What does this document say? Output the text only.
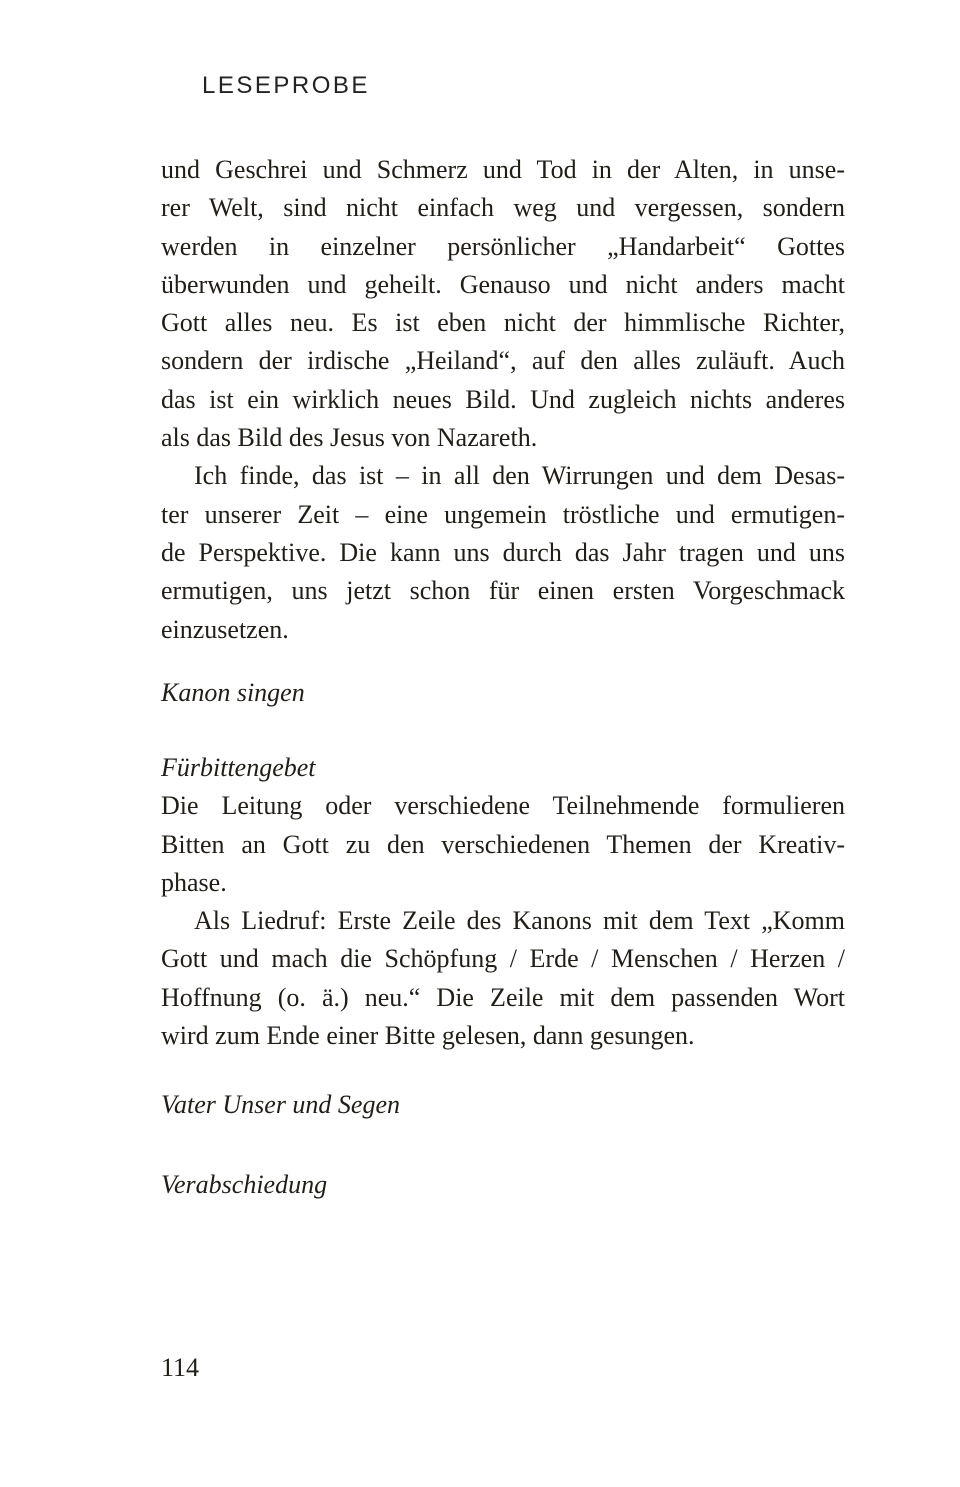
LESEPROBE
und Geschrei und Schmerz und Tod in der Alten, in unse-
rer Welt, sind nicht einfach weg und vergessen, sondern
werden in einzelner persönlicher „Handarbeit“ Gottes
überwunden und geheilt. Genauso und nicht anders macht
Gott alles neu. Es ist eben nicht der himmlische Richter,
sondern der irdische „Heiland“, auf den alles zuläuft. Auch
das ist ein wirklich neues Bild. Und zugleich nichts anderes
als das Bild des Jesus von Nazareth.
Ich finde, das ist – in all den Wirrungen und dem Desas-
ter unserer Zeit – eine ungemein tröstliche und ermutigen-
de Perspektive. Die kann uns durch das Jahr tragen und uns
ermutigen, uns jetzt schon für einen ersten Vorgeschmack
einzusetzen.
Kanon singen
Fürbittengebet
Die Leitung oder verschiedene Teilnehmende formulieren
Bitten an Gott zu den verschiedenen Themen der Kreativ-
phase.
Als Liedruf: Erste Zeile des Kanons mit dem Text „Komm
Gott und mach die Schöpfung / Erde / Menschen / Herzen /
Hoffnung (o. ä.) neu.“ Die Zeile mit dem passenden Wort
wird zum Ende einer Bitte gelesen, dann gesungen.
Vater Unser und Segen
Verabschiedung
114
